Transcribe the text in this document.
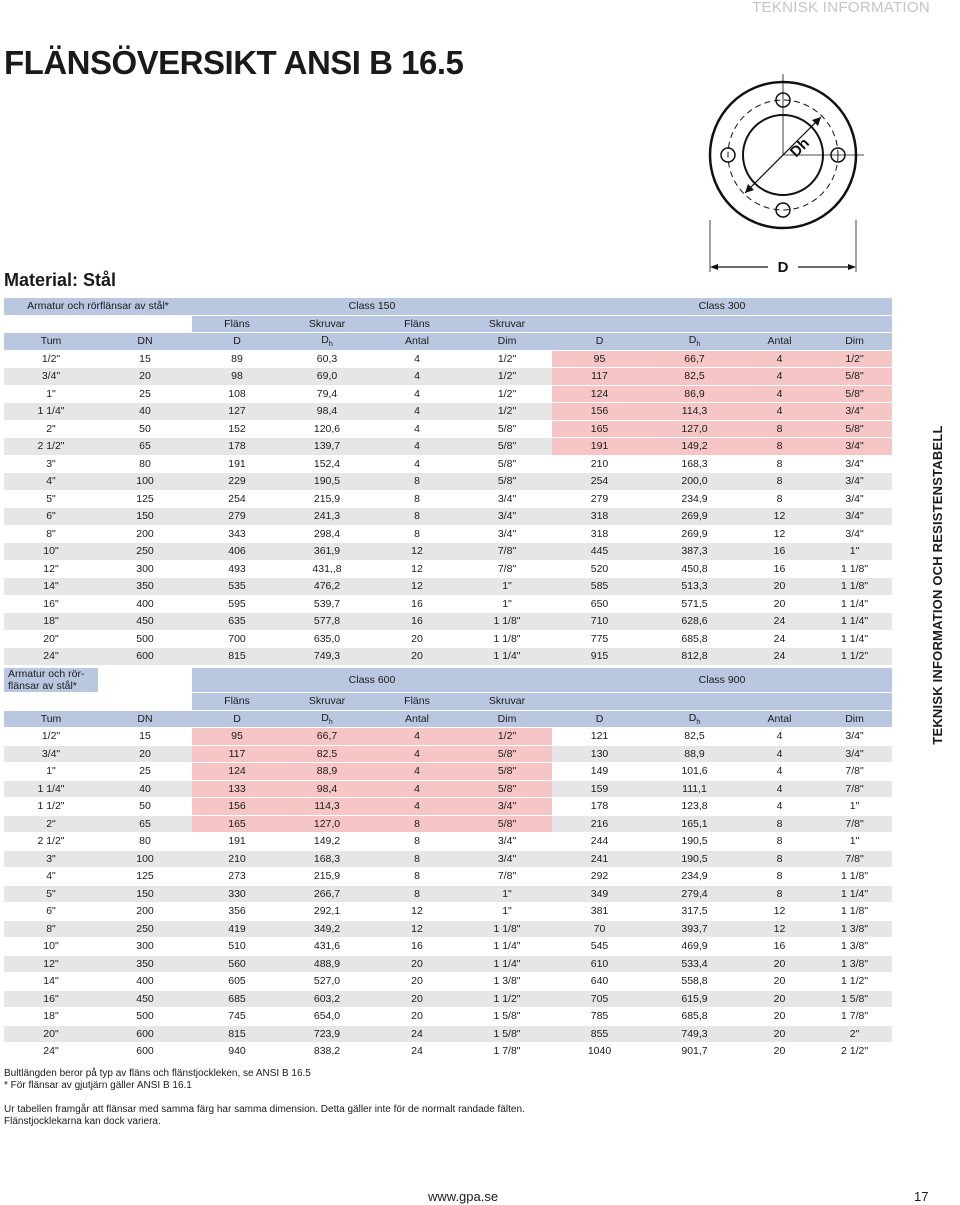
TEKNISK INFORMATION
FLÄNSÖVERSIKT ANSI B 16.5
Dh
D
Material: Stål
TEKNISK INFORMATION OCH RESISTENSTABELL
Armatur och rörflänsar av stål*		Class 150				Class 300			
		Fläns	Skruvar	Fläns	Skruvar				
Tum	DN	D	$D_h$	Antal	Dim	D	$D_h$	Antal	Dim
1/2"	15	89	60,3	4	1/2"	95	66,7	4	1/2"
3/4"	20	98	69,0	4	1/2"	117	82,5	4	5/8"
1"	25	108	79,4	4	1/2"	124	86,9	4	5/8"
1 1/4"	40	127	98,4	4	1/2"	156	114,3	4	3/4"
2"	50	152	120,6	4	5/8"	165	127,0	8	5/8"
2 1/2"	65	178	139,7	4	5/8"	191	149,2	8	3/4"
3"	80	191	152,4	4	5/8"	210	168,3	8	3/4"
4"	100	229	190,5	8	5/8"	254	200,0	8	3/4"
5"	125	254	215,9	8	3/4"	279	234,9	8	3/4"
6"	150	279	241,3	8	3/4"	318	269,9	12	3/4"
8"	200	343	298,4	8	3/4"	318	269,9	12	3/4"
10"	250	406	361,9	12	7/8"	445	387,3	16	1"
12"	300	493	431,,8	12	7/8"	520	450,8	16	1 1/8"
14"	350	535	476,2	12	1"	585	513,3	20	1 1/8"
16"	400	595	539,7	16	1"	650	571,5	20	1 1/4"
18"	450	635	577,8	16	1 1/8"	710	628,6	24	1 1/4"
20"	500	700	635,0	20	1 1/8"	775	685,8	24	1 1/4"
24"	600	815	749,3	20	1 1/4"	915	812,8	24	1 1/2"
Armatur och rör-flänsar av stål*		Class 600				Class 900			
		Fläns	Skruvar	Fläns	Skruvar				
Tum	DN	D	$D_h$	Antal	Dim	D	$D_h$	Antal	Dim
1/2"	15	95	66,7	4	1/2"	121	82,5	4	3/4"
3/4"	20	117	82,5	4	5/8"	130	88,9	4	3/4"
1"	25	124	88,9	4	5/8"	149	101,6	4	7/8"
1 1/4"	40	133	98,4	4	5/8"	159	111,1	4	7/8"
1 1/2"	50	156	114,3	4	3/4"	178	123,8	4	1"
2"	65	165	127,0	8	5/8"	216	165,1	8	7/8"
2 1/2"	80	191	149,2	8	3/4"	244	190,5	8	1"
3"	100	210	168,3	8	3/4"	241	190,5	8	7/8"
4"	125	273	215,9	8	7/8"	292	234,9	8	1 1/8"
5"	150	330	266,7	8	1"	349	279,4	8	1 1/4"
6"	200	356	292,1	12	1"	381	317,5	12	1 1/8"
8"	250	419	349,2	12	1 1/8"	70	393,7	12	1 3/8"
10"	300	510	431,6	16	1 1/4"	545	469,9	16	1 3/8"
12"	350	560	488,9	20	1 1/4"	610	533,4	20	1 3/8"
14"	400	605	527,0	20	1 3/8"	640	558,8	20	1 1/2"
16"	450	685	603,2	20	1 1/2"	705	615,9	20	1 5/8"
18"	500	745	654,0	20	1 5/8"	785	685,8	20	1 7/8"
20"	600	815	723,9	24	1 5/8"	855	749,3	20	2"
24"	600	940	838,2	24	1 7/8"	1040	901,7	20	2 1/2"

Bultlängden beror på typ av fläns och flänstjockleken, se ANSI B 16.5

* För flänsar av gjutjärn gäller ANSI B 16.1

Ur tabellen framgår att flänsar med samma färg har samma dimension. Detta gäller inte för de normalt randade fälten.

Flänstjocklekarna kan dock variera.

www.gpa.se	17
